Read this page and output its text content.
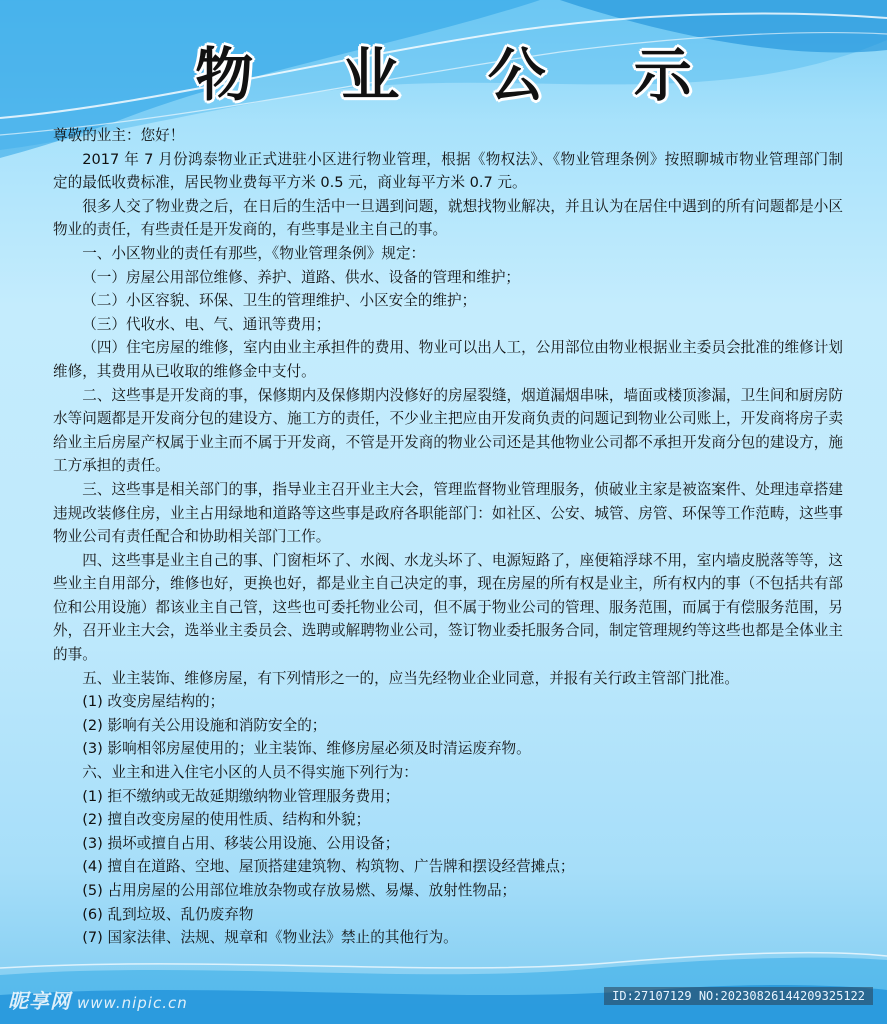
物 业 公 示

尊敬的业主：您好！

2017 年 7 月份鸿泰物业正式进驻小区进行物业管理，根据《物权法》、《物业管理条例》按照聊城市物业管理部门制定的最低收费标准，居民物业费每平方米 0.5 元，商业每平方米 0.7 元。

很多人交了物业费之后，在日后的生活中一旦遇到问题，就想找物业解决，并且认为在居住中遇到的所有问题都是小区物业的责任，有些责任是开发商的，有些事是业主自己的事。

一、小区物业的责任有那些，《物业管理条例》规定：

（一）房屋公用部位维修、养护、道路、供水、设备的管理和维护；

（二）小区容貌、环保、卫生的管理维护、小区安全的维护；

（三）代收水、电、气、通讯等费用；

（四）住宅房屋的维修，室内由业主承担件的费用、物业可以出人工，公用部位由物业根据业主委员会批准的维修计划维修，其费用从已收取的维修金中支付。

二、这些事是开发商的事，保修期内及保修期内没修好的房屋裂缝，烟道漏烟串味，墙面或楼顶渗漏，卫生间和厨房防水等问题都是开发商分包的建设方、施工方的责任，不少业主把应由开发商负责的问题记到物业公司账上，开发商将房子卖给业主后房屋产权属于业主而不属于开发商，不管是开发商的物业公司还是其他物业公司都不承担开发商分包的建设方，施工方承担的责任。

三、这些事是相关部门的事，指导业主召开业主大会，管理监督物业管理服务，侦破业主家是被盗案件、处理违章搭建违规改装修住房，业主占用绿地和道路等这些事是政府各职能部门：如社区、公安、城管、房管、环保等工作范畴，这些事物业公司有责任配合和协助相关部门工作。

四、这些事是业主自己的事、门窗柜坏了、水阀、水龙头坏了、电源短路了，座便箱浮球不用，室内墙皮脱落等等，这些业主自用部分，维修也好，更换也好，都是业主自己决定的事，现在房屋的所有权是业主，所有权内的事（不包括共有部位和公用设施）都该业主自己管，这些也可委托物业公司，但不属于物业公司的管理、服务范围，而属于有偿服务范围，另外，召开业主大会，选举业主委员会、选聘或解聘物业公司，签订物业委托服务合同，制定管理规约等这些也都是全体业主的事。

五、业主装饰、维修房屋，有下列情形之一的，应当先经物业企业同意，并报有关行政主管部门批准。

(1) 改变房屋结构的；

(2) 影响有关公用设施和消防安全的；

(3) 影响相邻房屋使用的；业主装饰、维修房屋必须及时清运废弃物。

六、业主和进入住宅小区的人员不得实施下列行为：

(1) 拒不缴纳或无故延期缴纳物业管理服务费用；

(2) 擅自改变房屋的使用性质、结构和外貌；

(3) 损坏或擅自占用、移装公用设施、公用设备；

(4) 擅自在道路、空地、屋顶搭建建筑物、构筑物、广告牌和摆设经营摊点；

(5) 占用房屋的公用部位堆放杂物或存放易燃、易爆、放射性物品；

(6) 乱到垃圾、乱仍废弃物

(7) 国家法律、法规、规章和《物业法》禁止的其他行为。

昵享网 www.nipic.cn	ID:27107129 NO:20230826144209325122
